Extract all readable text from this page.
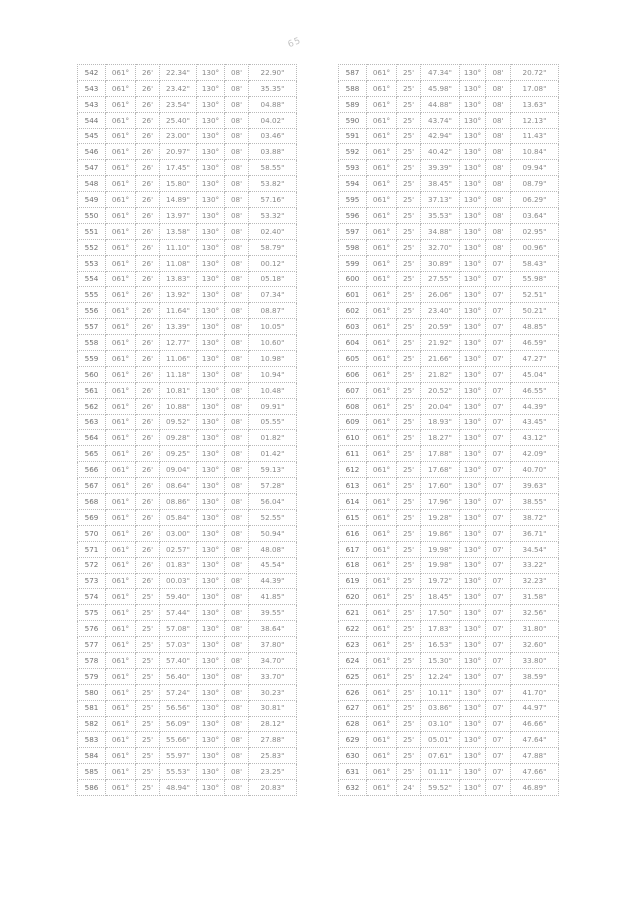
65
542	061°	26'	22.34"	130°	08'	22.90"
543	061°	26'	23.42"	130°	08'	35.35"
543	061°	26'	23.54"	130°	08'	04.88"
544	061°	26'	25.40"	130°	08'	04.02"
545	061°	26'	23.00"	130°	08'	03.46"
546	061°	26'	20.97"	130°	08'	03.88"
547	061°	26'	17.45"	130°	08'	58.55"
548	061°	26'	15.80"	130°	08'	53.82"
549	061°	26'	14.89"	130°	08'	57.16"
550	061°	26'	13.97"	130°	08'	53.32"
551	061°	26'	13.58"	130°	08'	02.40"
552	061°	26'	11.10"	130°	08'	58.79"
553	061°	26'	11.08"	130°	08'	00.12"
554	061°	26'	13.83"	130°	08'	05.18"
555	061°	26'	13.92"	130°	08'	07.34"
556	061°	26'	11.64"	130°	08'	08.87"
557	061°	26'	13.39"	130°	08'	10.05"
558	061°	26'	12.77"	130°	08'	10.60"
559	061°	26'	11.06"	130°	08'	10.98"
560	061°	26'	11.18"	130°	08'	10.94"
561	061°	26'	10.81"	130°	08'	10.48"
562	061°	26'	10.88"	130°	08'	09.91"
563	061°	26'	09.52"	130°	08'	05.55"
564	061°	26'	09.28"	130°	08'	01.82"
565	061°	26'	09.25"	130°	08'	01.42"
566	061°	26'	09.04"	130°	08'	59.13"
567	061°	26'	08.64"	130°	08'	57.28"
568	061°	26'	08.86"	130°	08'	56.04"
569	061°	26'	05.84"	130°	08'	52.55"
570	061°	26'	03.00"	130°	08'	50.94"
571	061°	26'	02.57"	130°	08'	48.08"
572	061°	26'	01.83"	130°	08'	45.54"
573	061°	26'	00.03"	130°	08'	44.39"
574	061°	25'	59.40"	130°	08'	41.85"
575	061°	25'	57.44"	130°	08'	39.55"
576	061°	25'	57.08"	130°	08'	38.64"
577	061°	25'	57.03"	130°	08'	37.80"
578	061°	25'	57.40"	130°	08'	34.70"
579	061°	25'	56.40"	130°	08'	33.70"
580	061°	25'	57.24"	130°	08'	30.23"
581	061°	25'	56.56"	130°	08'	30.81"
582	061°	25'	56.09"	130°	08'	28.12"
583	061°	25'	55.66"	130°	08'	27.88"
584	061°	25'	55.97"	130°	08'	25.83"
585	061°	25'	55.53"	130°	08'	23.25"
586	061°	25'	48.94"	130°	08'	20.83"
587	061°	25'	47.34"	130°	08'	20.72"
588	061°	25'	45.98"	130°	08'	17.08"
589	061°	25'	44.88"	130°	08'	13.63"
590	061°	25'	43.74"	130°	08'	12.13"
591	061°	25'	42.94"	130°	08'	11.43"
592	061°	25'	40.42"	130°	08'	10.84"
593	061°	25'	39.39"	130°	08'	09.94"
594	061°	25'	38.45"	130°	08'	08.79"
595	061°	25'	37.13"	130°	08'	06.29"
596	061°	25'	35.53"	130°	08'	03.64"
597	061°	25'	34.88"	130°	08'	02.95"
598	061°	25'	32.70"	130°	08'	00.96"
599	061°	25'	30.89"	130°	07'	58.43"
600	061°	25'	27.55"	130°	07'	55.98"
601	061°	25'	26.06"	130°	07'	52.51"
602	061°	25'	23.40"	130°	07'	50.21"
603	061°	25'	20.59"	130°	07'	48.85"
604	061°	25'	21.92"	130°	07'	46.59"
605	061°	25'	21.66"	130°	07'	47.27"
606	061°	25'	21.82"	130°	07'	45.04"
607	061°	25'	20.52"	130°	07'	46.55"
608	061°	25'	20.04"	130°	07'	44.39"
609	061°	25'	18.93"	130°	07'	43.45"
610	061°	25'	18.27"	130°	07'	43.12"
611	061°	25'	17.88"	130°	07'	42.09"
612	061°	25'	17.68"	130°	07'	40.70"
613	061°	25'	17.60"	130°	07'	39.63"
614	061°	25'	17.96"	130°	07'	38.55"
615	061°	25'	19.28"	130°	07'	38.72"
616	061°	25'	19.86"	130°	07'	36.71"
617	061°	25'	19.98"	130°	07'	34.54"
618	061°	25'	19.98"	130°	07'	33.22"
619	061°	25'	19.72"	130°	07'	32.23"
620	061°	25'	18.45"	130°	07'	31.58"
621	061°	25'	17.50"	130°	07'	32.56"
622	061°	25'	17.83"	130°	07'	31.80"
623	061°	25'	16.53"	130°	07'	32.60"
624	061°	25'	15.30"	130°	07'	33.80"
625	061°	25'	12.24"	130°	07'	38.59"
626	061°	25'	10.11"	130°	07'	41.70"
627	061°	25'	03.86"	130°	07'	44.97"
628	061°	25'	03.10"	130°	07'	46.66"
629	061°	25'	05.01"	130°	07'	47.64"
630	061°	25'	07.61"	130°	07'	47.88"
631	061°	25'	01.11"	130°	07'	47.66"
632	061°	24'	59.52"	130°	07'	46.89"
